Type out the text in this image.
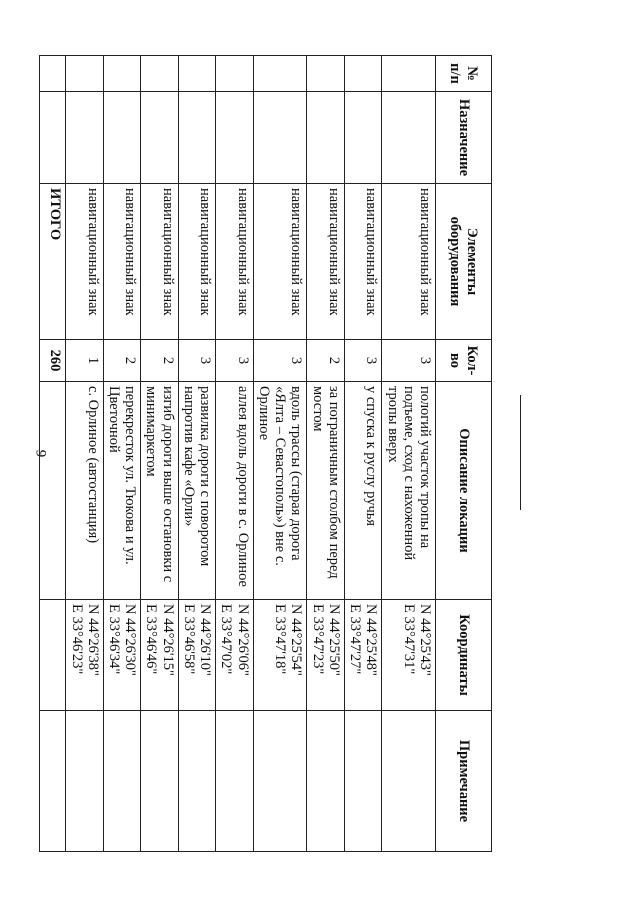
9
№ п/п	Назначение	Элементы оборудования	Кол-во	Описание локации	Координаты	Примечание
		навигационный знак	3	пологий участок тропы на подъеме, сход с нахоженной тропы вверх	N 44°25'43"
E 33°47'31"	
		навигационный знак	3	у спуска к руслу ручья	N 44°25'48"
E 33°47'27"	
		навигационный знак	2	за пограничным столбом перед мостом	N 44°25'50"
E 33°47'23"	
		навигационный знак	3	вдоль трассы (старая дорога «Ялта – Севастополь») вне с. Орлиное	N 44°25'54"
E 33°47'18"	
		навигационный знак	3	аллея вдоль дороги в с. Орлиное	N 44°26'06"
E 33°47'02"	
		навигационный знак	3	развилка дороги с поворотом напротив кафе «Орли»	N 44°26'10"
E 33°46'58"	
		навигационный знак	2	изгиб дороги выше остановки с минимаркетом	N 44°26'15"
E 33°46'46"	
		навигационный знак	2	перекресток ул. Тюкова и ул. Цветочной	N 44°26'30"
E 33°46'34"	
		навигационный знак	1	с. Орлиное (автостанция)	N 44°26'38"
E 33°46'23"	
		ИТОГО	260			
